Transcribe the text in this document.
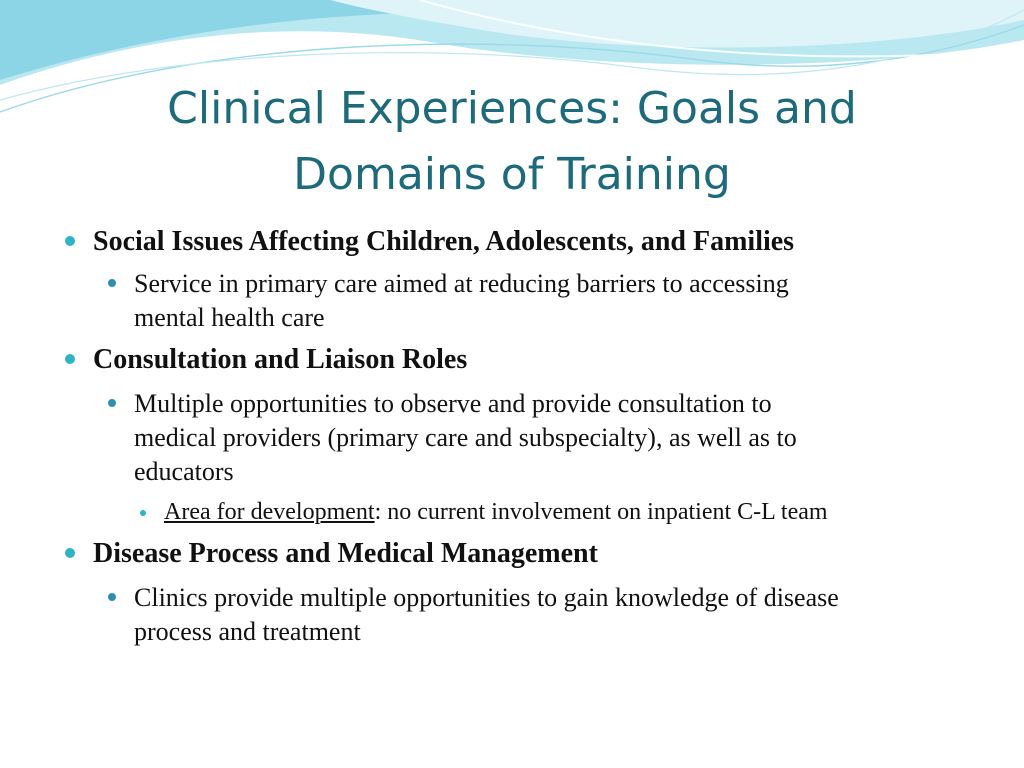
Clinical Experiences: Goals and
Domains of Training
Social Issues Affecting Children, Adolescents, and Families
Service in primary care aimed at reducing barriers to accessing
mental health care
Consultation and Liaison Roles
Multiple opportunities to observe and provide consultation to
medical providers (primary care and subspecialty), as well as to
educators
Area for development: no current involvement on inpatient C-L team
Disease Process and Medical Management
Clinics provide multiple opportunities to gain knowledge of disease
process and treatment
